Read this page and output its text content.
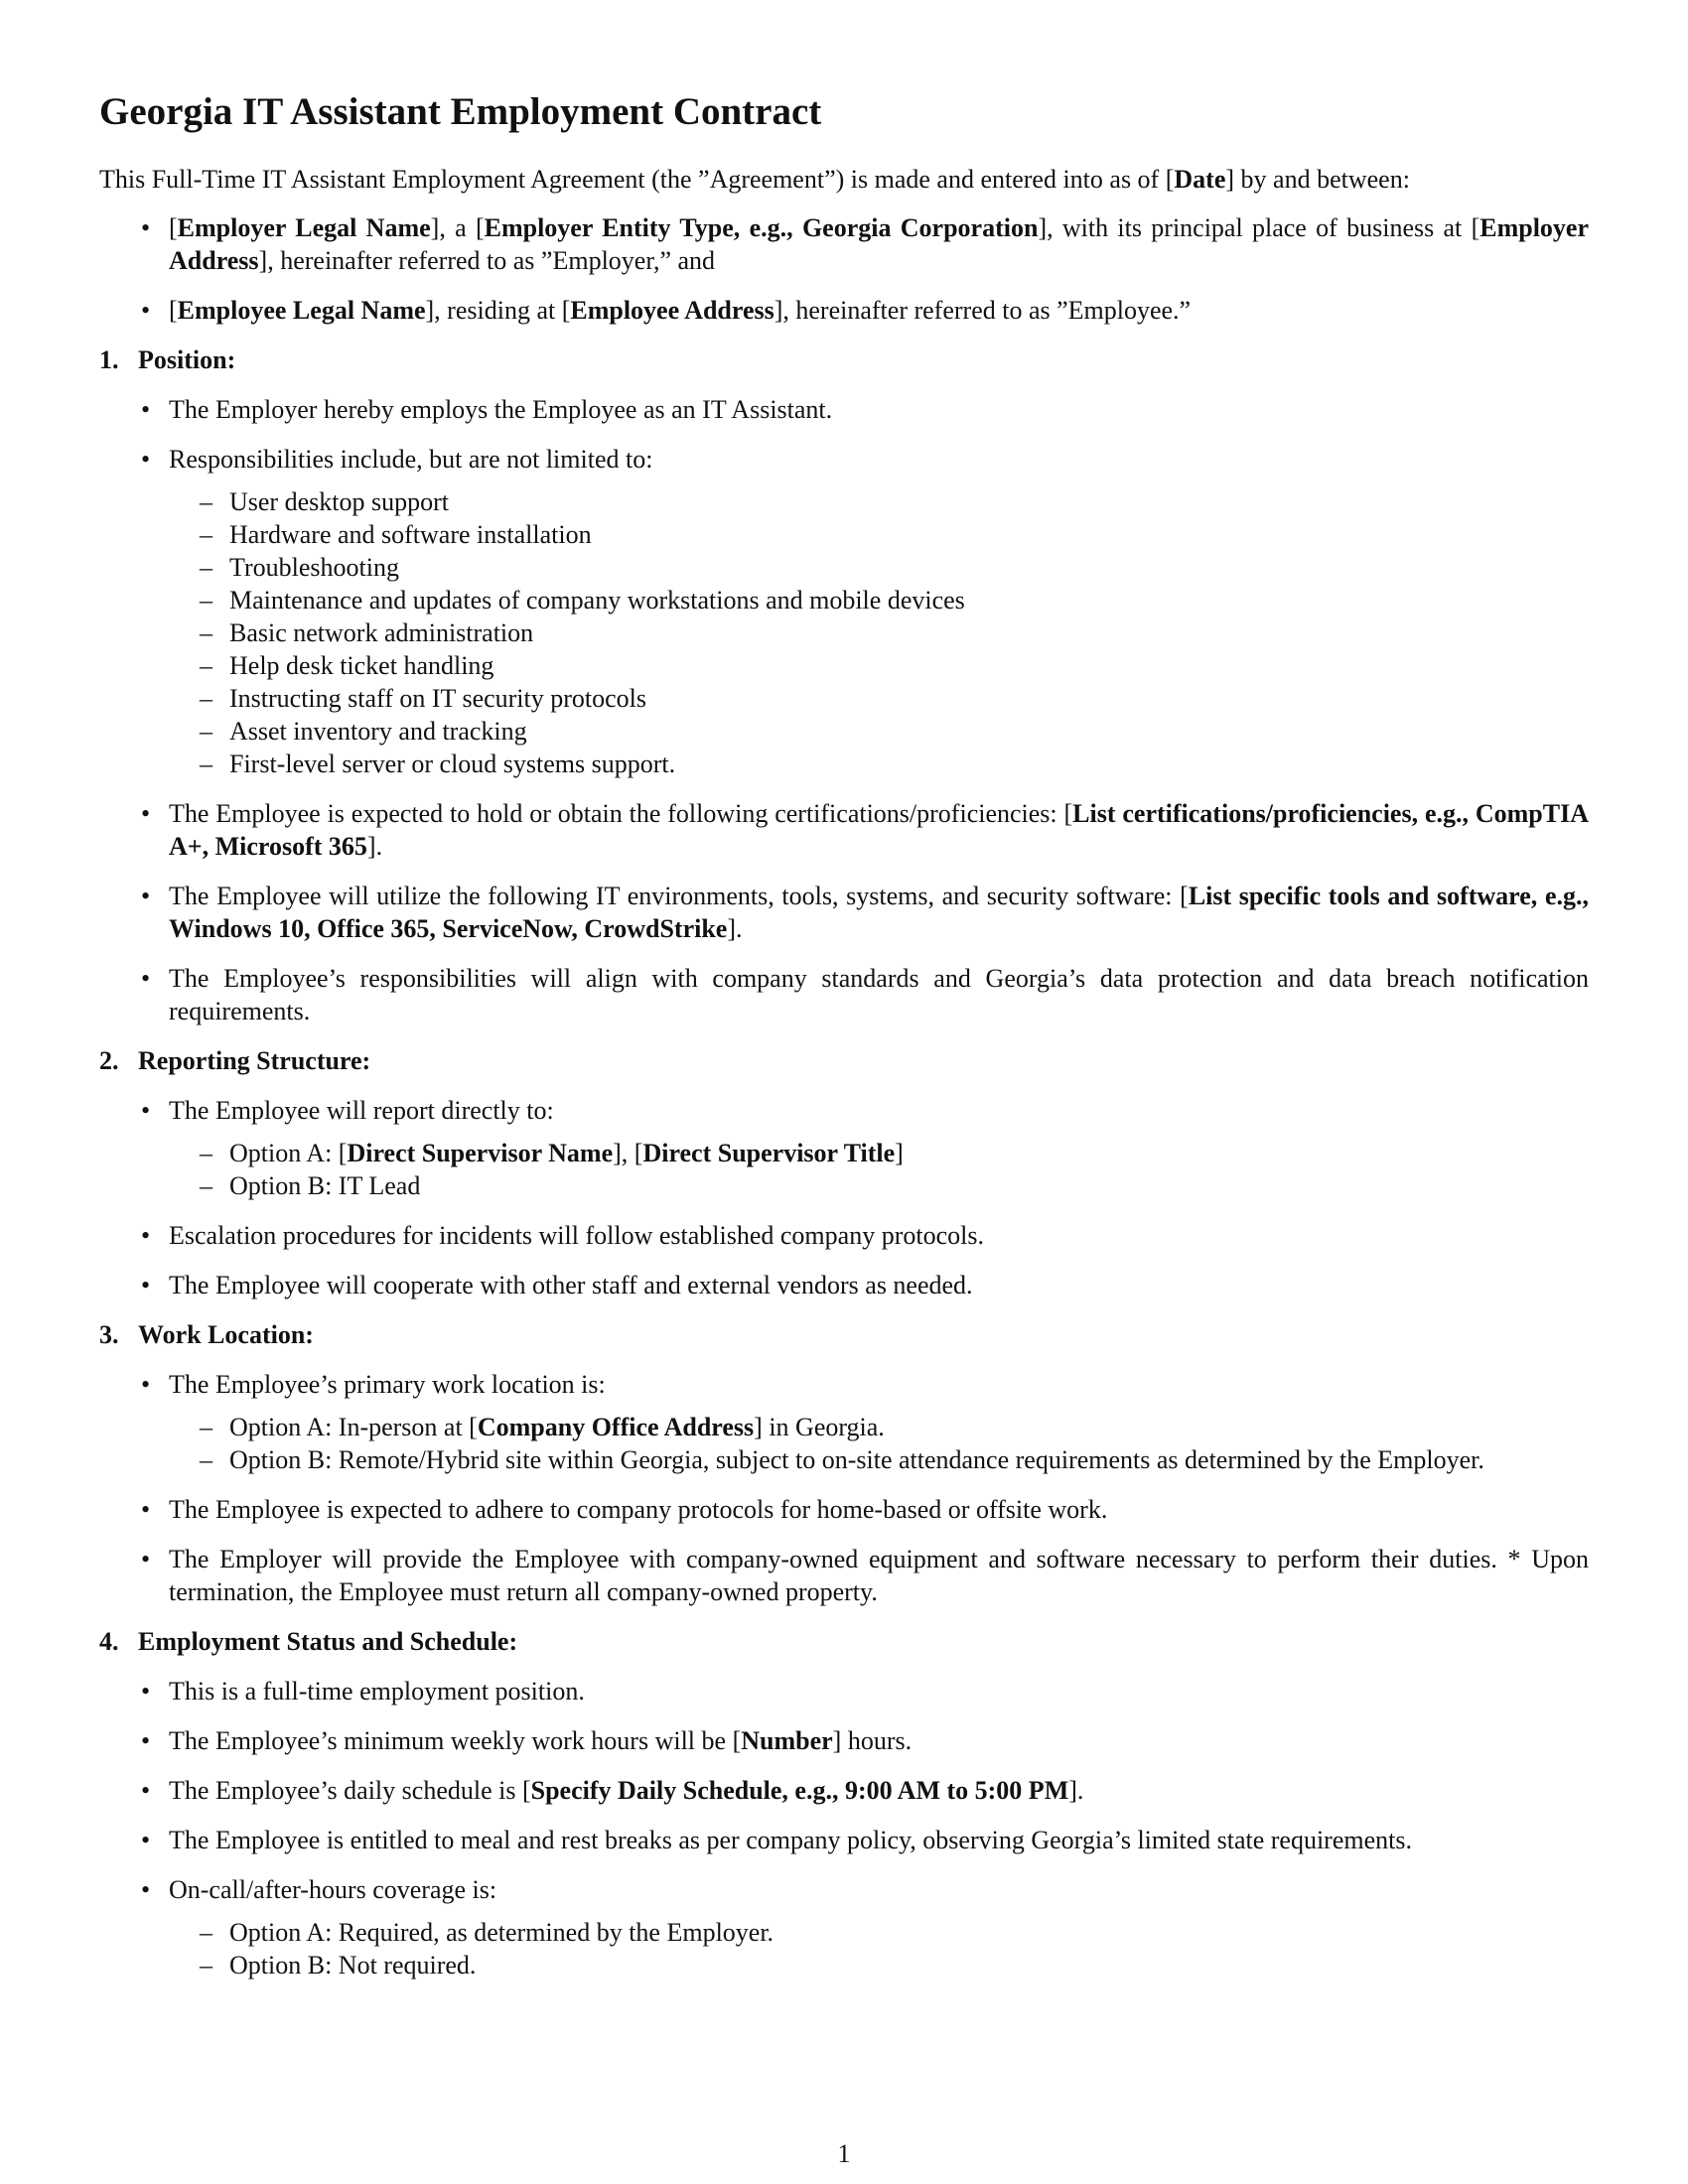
Georgia IT Assistant Employment Contract

This Full-Time IT Assistant Employment Agreement (the ”Agreement”) is made and entered into as of [Date] by and between:

• [Employer Legal Name], a [Employer Entity Type, e.g., Georgia Corporation], with its principal place of business at [Employer Address], hereinafter referred to as ”Employer,” and
• [Employee Legal Name], residing at [Employee Address], hereinafter referred to as ”Employee.”
1. Position:
• The Employer hereby employs the Employee as an IT Assistant.
• Responsibilities include, but are not limited to:
– User desktop support
– Hardware and software installation
– Troubleshooting
– Maintenance and updates of company workstations and mobile devices
– Basic network administration
– Help desk ticket handling
– Instructing staff on IT security protocols
– Asset inventory and tracking
– First-level server or cloud systems support.
• The Employee is expected to hold or obtain the following certifications/proficiencies: [List certifications/proficiencies, e.g., CompTIA A+, Microsoft 365].
• The Employee will utilize the following IT environments, tools, systems, and security software: [List specific tools and software, e.g., Windows 10, Office 365, ServiceNow, CrowdStrike].
• The Employee’s responsibilities will align with company standards and Georgia’s data protection and data breach notification requirements.
2. Reporting Structure:
• The Employee will report directly to:
– Option A: [Direct Supervisor Name], [Direct Supervisor Title]
– Option B: IT Lead
• Escalation procedures for incidents will follow established company protocols.
• The Employee will cooperate with other staff and external vendors as needed.
3. Work Location:
• The Employee’s primary work location is:
– Option A: In-person at [Company Office Address] in Georgia.
– Option B: Remote/Hybrid site within Georgia, subject to on-site attendance requirements as determined by the Employer.
• The Employee is expected to adhere to company protocols for home-based or offsite work.
• The Employer will provide the Employee with company-owned equipment and software necessary to perform their duties. * Upon termination, the Employee must return all company-owned property.
4. Employment Status and Schedule:
• This is a full-time employment position.
• The Employee’s minimum weekly work hours will be [Number] hours.
• The Employee’s daily schedule is [Specify Daily Schedule, e.g., 9:00 AM to 5:00 PM].
• The Employee is entitled to meal and rest breaks as per company policy, observing Georgia’s limited state requirements.
• On-call/after-hours coverage is:
– Option A: Required, as determined by the Employer.
– Option B: Not required.
1
